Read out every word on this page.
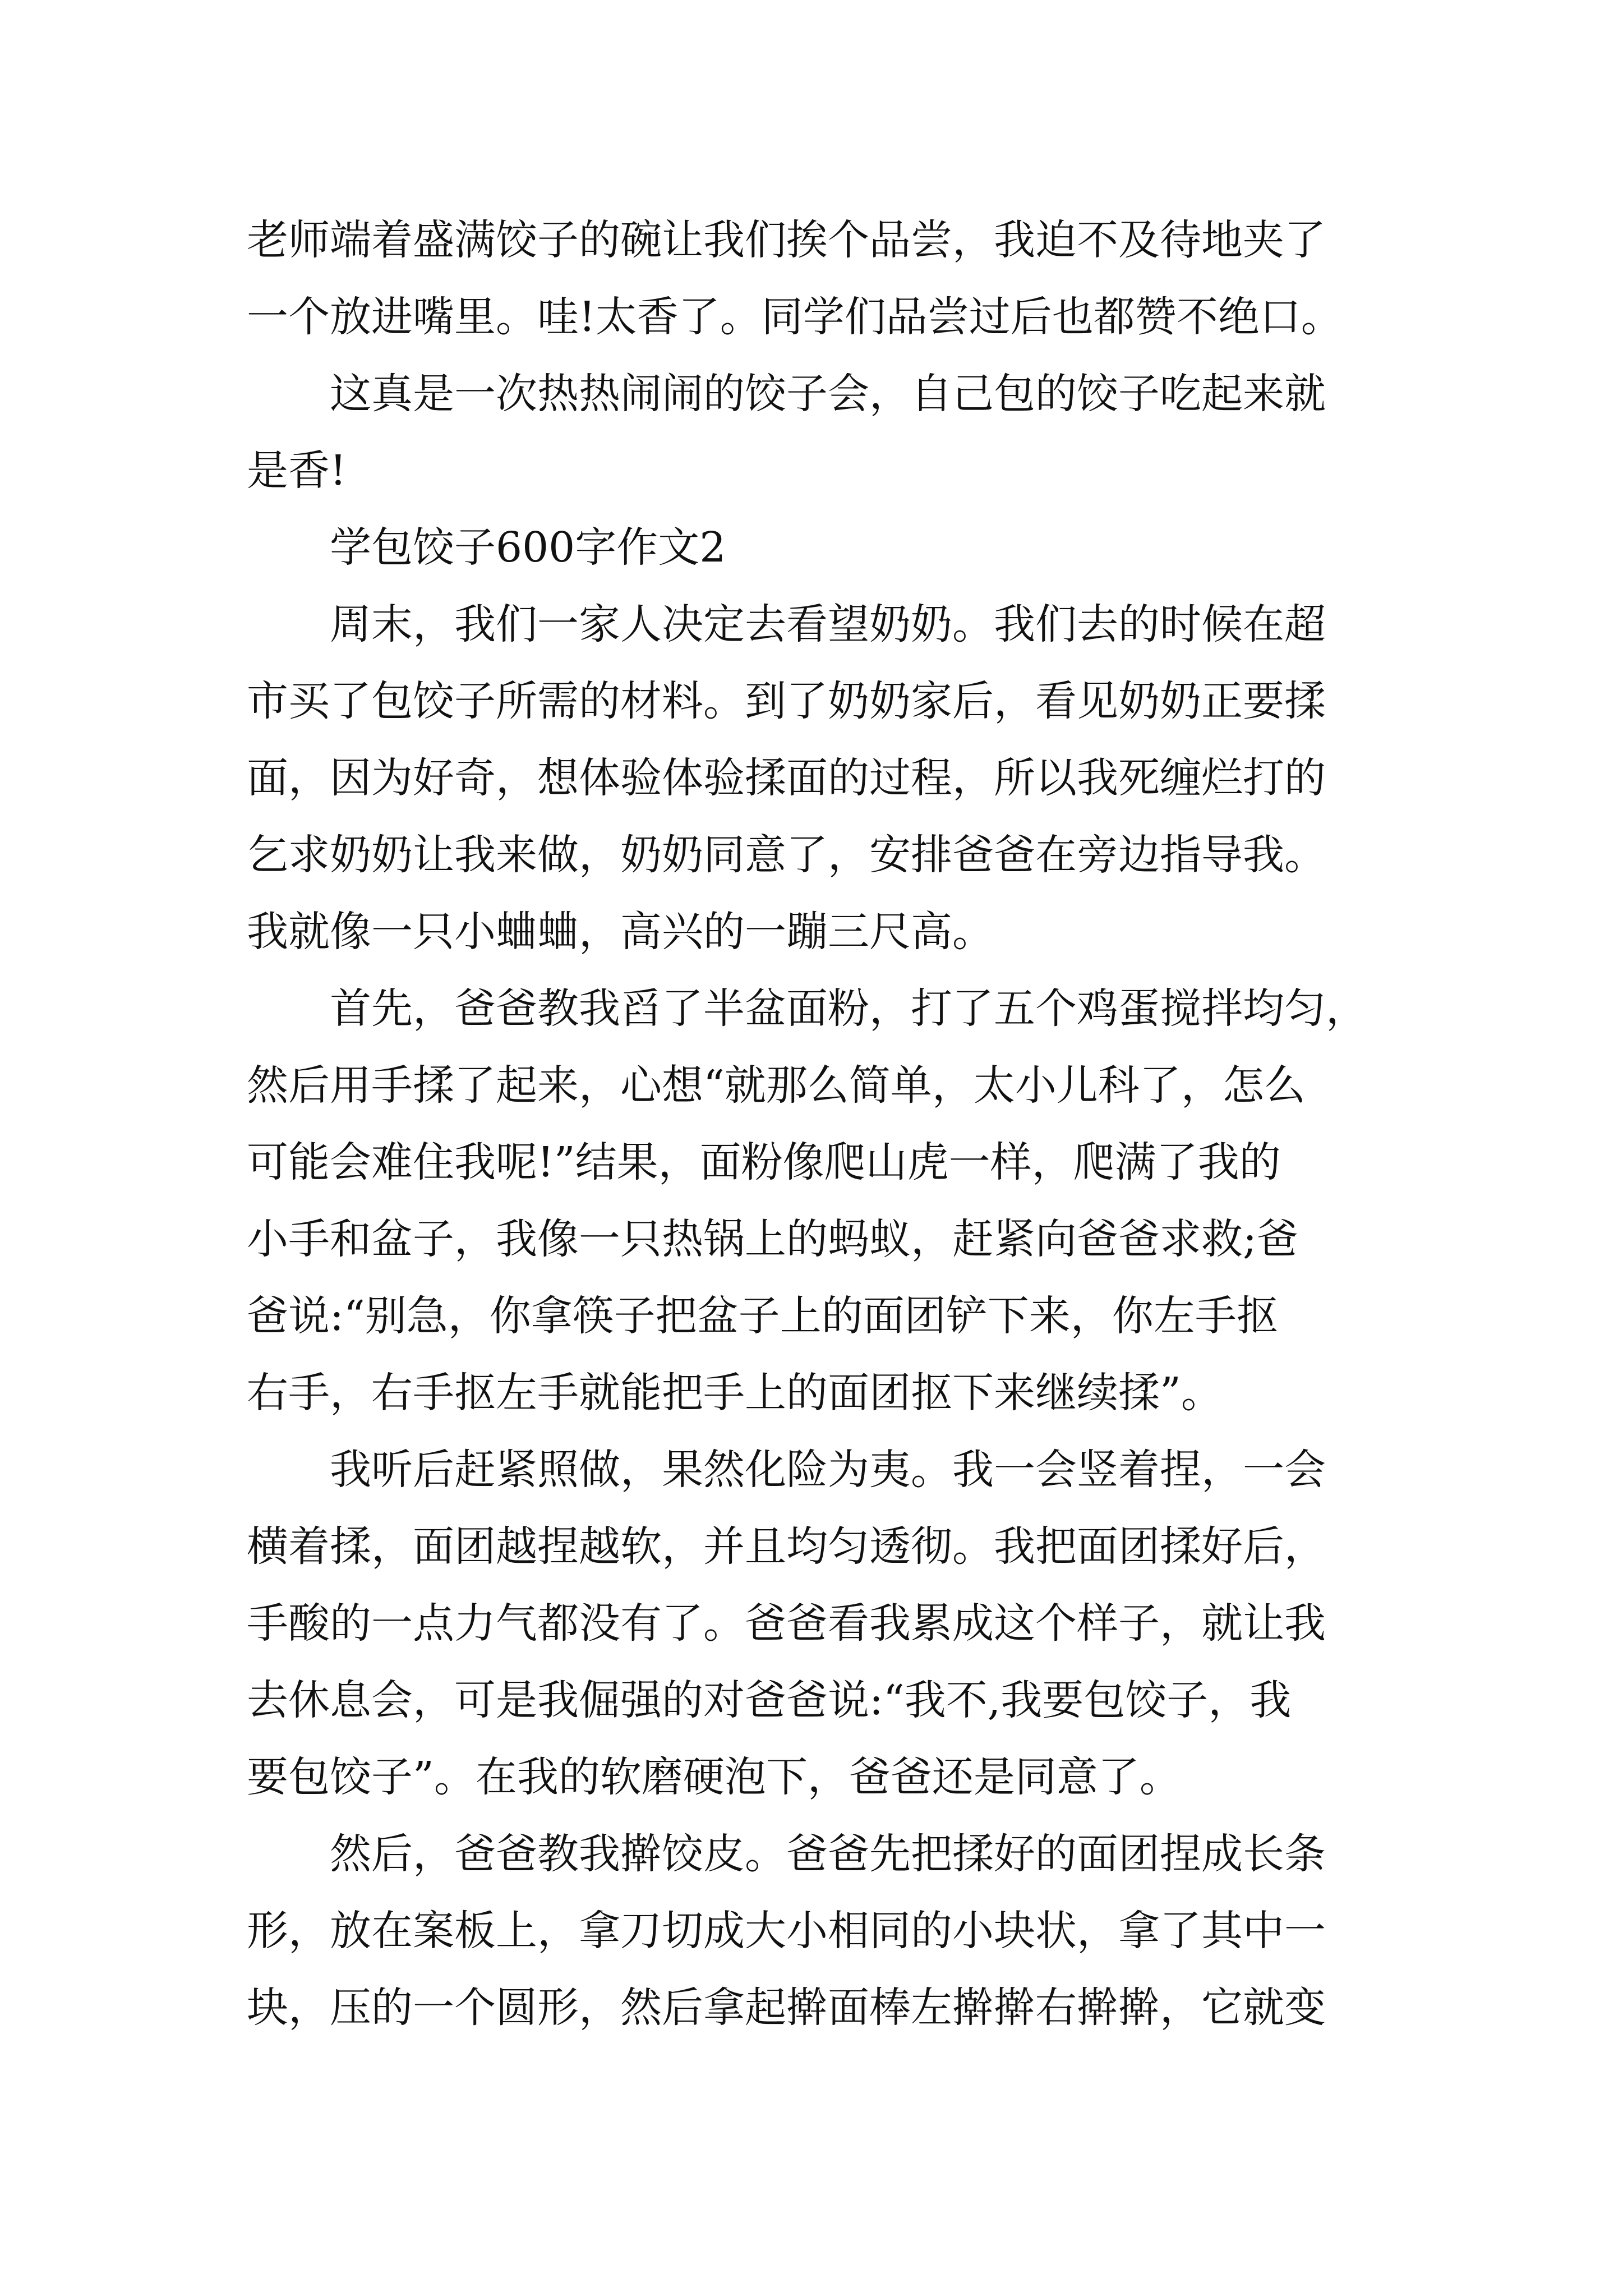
老师端着盛满饺子的碗让我们挨个品尝，我迫不及待地夹了
一个放进嘴里。哇!太香了。同学们品尝过后也都赞不绝口。
这真是一次热热闹闹的饺子会，自己包的饺子吃起来就
是香!
学包饺子600字作文2
周末，我们一家人决定去看望奶奶。我们去的时候在超
市买了包饺子所需的材料。到了奶奶家后，看见奶奶正要揉
面，因为好奇，想体验体验揉面的过程，所以我死缠烂打的
乞求奶奶让我来做，奶奶同意了，安排爸爸在旁边指导我。
我就像一只小蛐蛐，高兴的一蹦三尺高。
首先，爸爸教我舀了半盆面粉，打了五个鸡蛋搅拌均匀，
然后用手揉了起来，心想“就那么简单，太小儿科了，怎么
可能会难住我呢!”结果，面粉像爬山虎一样，爬满了我的
小手和盆子，我像一只热锅上的蚂蚁，赶紧向爸爸求救;爸
爸说:“别急，你拿筷子把盆子上的面团铲下来，你左手抠
右手，右手抠左手就能把手上的面团抠下来继续揉”。
我听后赶紧照做，果然化险为夷。我一会竖着捏，一会
横着揉，面团越捏越软，并且均匀透彻。我把面团揉好后，
手酸的一点力气都没有了。爸爸看我累成这个样子，就让我
去休息会，可是我倔强的对爸爸说:“我不,我要包饺子，我
要包饺子”。在我的软磨硬泡下，爸爸还是同意了。
然后，爸爸教我擀饺皮。爸爸先把揉好的面团捏成长条
形，放在案板上，拿刀切成大小相同的小块状，拿了其中一
块，压的一个圆形，然后拿起擀面棒左擀擀右擀擀，它就变
